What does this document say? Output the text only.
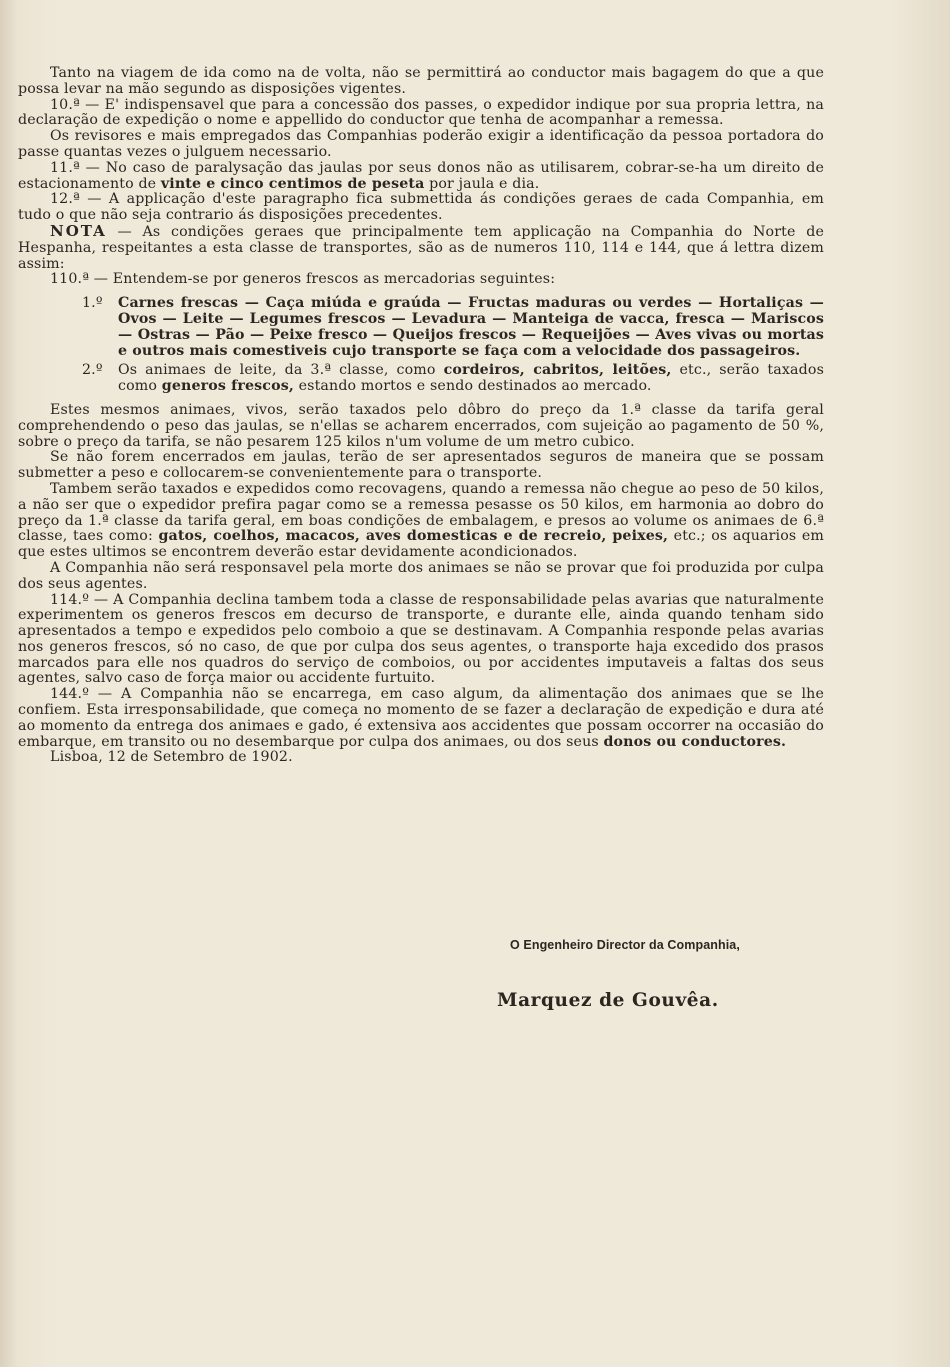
Tanto na viagem de ida como na de volta, não se permittirá ao conductor mais bagagem do que a que possa levar na mão segundo as disposições vigentes.

10.ª — E' indispensavel que para a concessão dos passes, o expedidor indique por sua propria lettra, na declaração de expedição o nome e appellido do conductor que tenha de acompanhar a remessa.

Os revisores e mais empregados das Companhias poderão exigir a identificação da pessoa portadora do passe quantas vezes o julguem necessario.

11.ª — No caso de paralysação das jaulas por seus donos não as utilisarem, cobrar-se-ha um direito de estacionamento de vinte e cinco centimos de peseta por jaula e dia.

12.ª — A applicação d'este paragrapho fica submettida ás condições geraes de cada Companhia, em tudo o que não seja contrario ás disposições precedentes.

NOTA — As condições geraes que principalmente tem applicação na Companhia do Norte de Hespanha, respeitantes a esta classe de transportes, são as de numeros 110, 114 e 144, que á lettra dizem assim:

110.ª — Entendem-se por generos frescos as mercadorias seguintes:

1.º Carnes frescas — Caça miúda e graúda — Fructas maduras ou verdes — Hortaliças — Ovos — Leite — Legumes frescos — Levadura — Manteiga de vacca, fresca — Mariscos — Ostras — Pão — Peixe fresco — Queijos frescos — Requeijões — Aves vivas ou mortas e outros mais comestiveis cujo transporte se faça com a velocidade dos passageiros.
2.º Os animaes de leite, da 3.ª classe, como cordeiros, cabritos, leitões, etc., serão taxados como generos frescos, estando mortos e sendo destinados ao mercado.

Estes mesmos animaes, vivos, serão taxados pelo dôbro do preço da 1.ª classe da tarifa geral comprehendendo o peso das jaulas, se n'ellas se acharem encerrados, com sujeição ao pagamento de 50 %, sobre o preço da tarifa, se não pesarem 125 kilos n'um volume de um metro cubico.

Se não forem encerrados em jaulas, terão de ser apresentados seguros de maneira que se possam submetter a peso e collocarem-se convenientemente para o transporte.

Tambem serão taxados e expedidos como recovagens, quando a remessa não chegue ao peso de 50 kilos, a não ser que o expedidor prefira pagar como se a remessa pesasse os 50 kilos, em harmonia ao dobro do preço da 1.ª classe da tarifa geral, em boas condições de embalagem, e presos ao volume os animaes de 6.ª classe, taes como: gatos, coelhos, macacos, aves domesticas e de recreio, peixes, etc.; os aquarios em que estes ultimos se encontrem deverão estar devidamente acondicionados.

A Companhia não será responsavel pela morte dos animaes se não se provar que foi produzida por culpa dos seus agentes.

114.º — A Companhia declina tambem toda a classe de responsabilidade pelas avarias que naturalmente experimentem os generos frescos em decurso de transporte, e durante elle, ainda quando tenham sido apresentados a tempo e expedidos pelo comboio a que se destinavam. A Companhia responde pelas avarias nos generos frescos, só no caso, de que por culpa dos seus agentes, o transporte haja excedido dos prasos marcados para elle nos quadros do serviço de comboios, ou por accidentes imputaveis a faltas dos seus agentes, salvo caso de força maior ou accidente furtuito.

144.º — A Companhia não se encarrega, em caso algum, da alimentação dos animaes que se lhe confiem. Esta irresponsabilidade, que começa no momento de se fazer a declaração de expedição e dura até ao momento da entrega dos animaes e gado, é extensiva aos accidentes que possam occorrer na occasião do embarque, em transito ou no desembarque por culpa dos animaes, ou dos seus donos ou conductores.

Lisboa, 12 de Setembro de 1902.

O Engenheiro Director da Companhia,
Marquez de Gouvêa.
